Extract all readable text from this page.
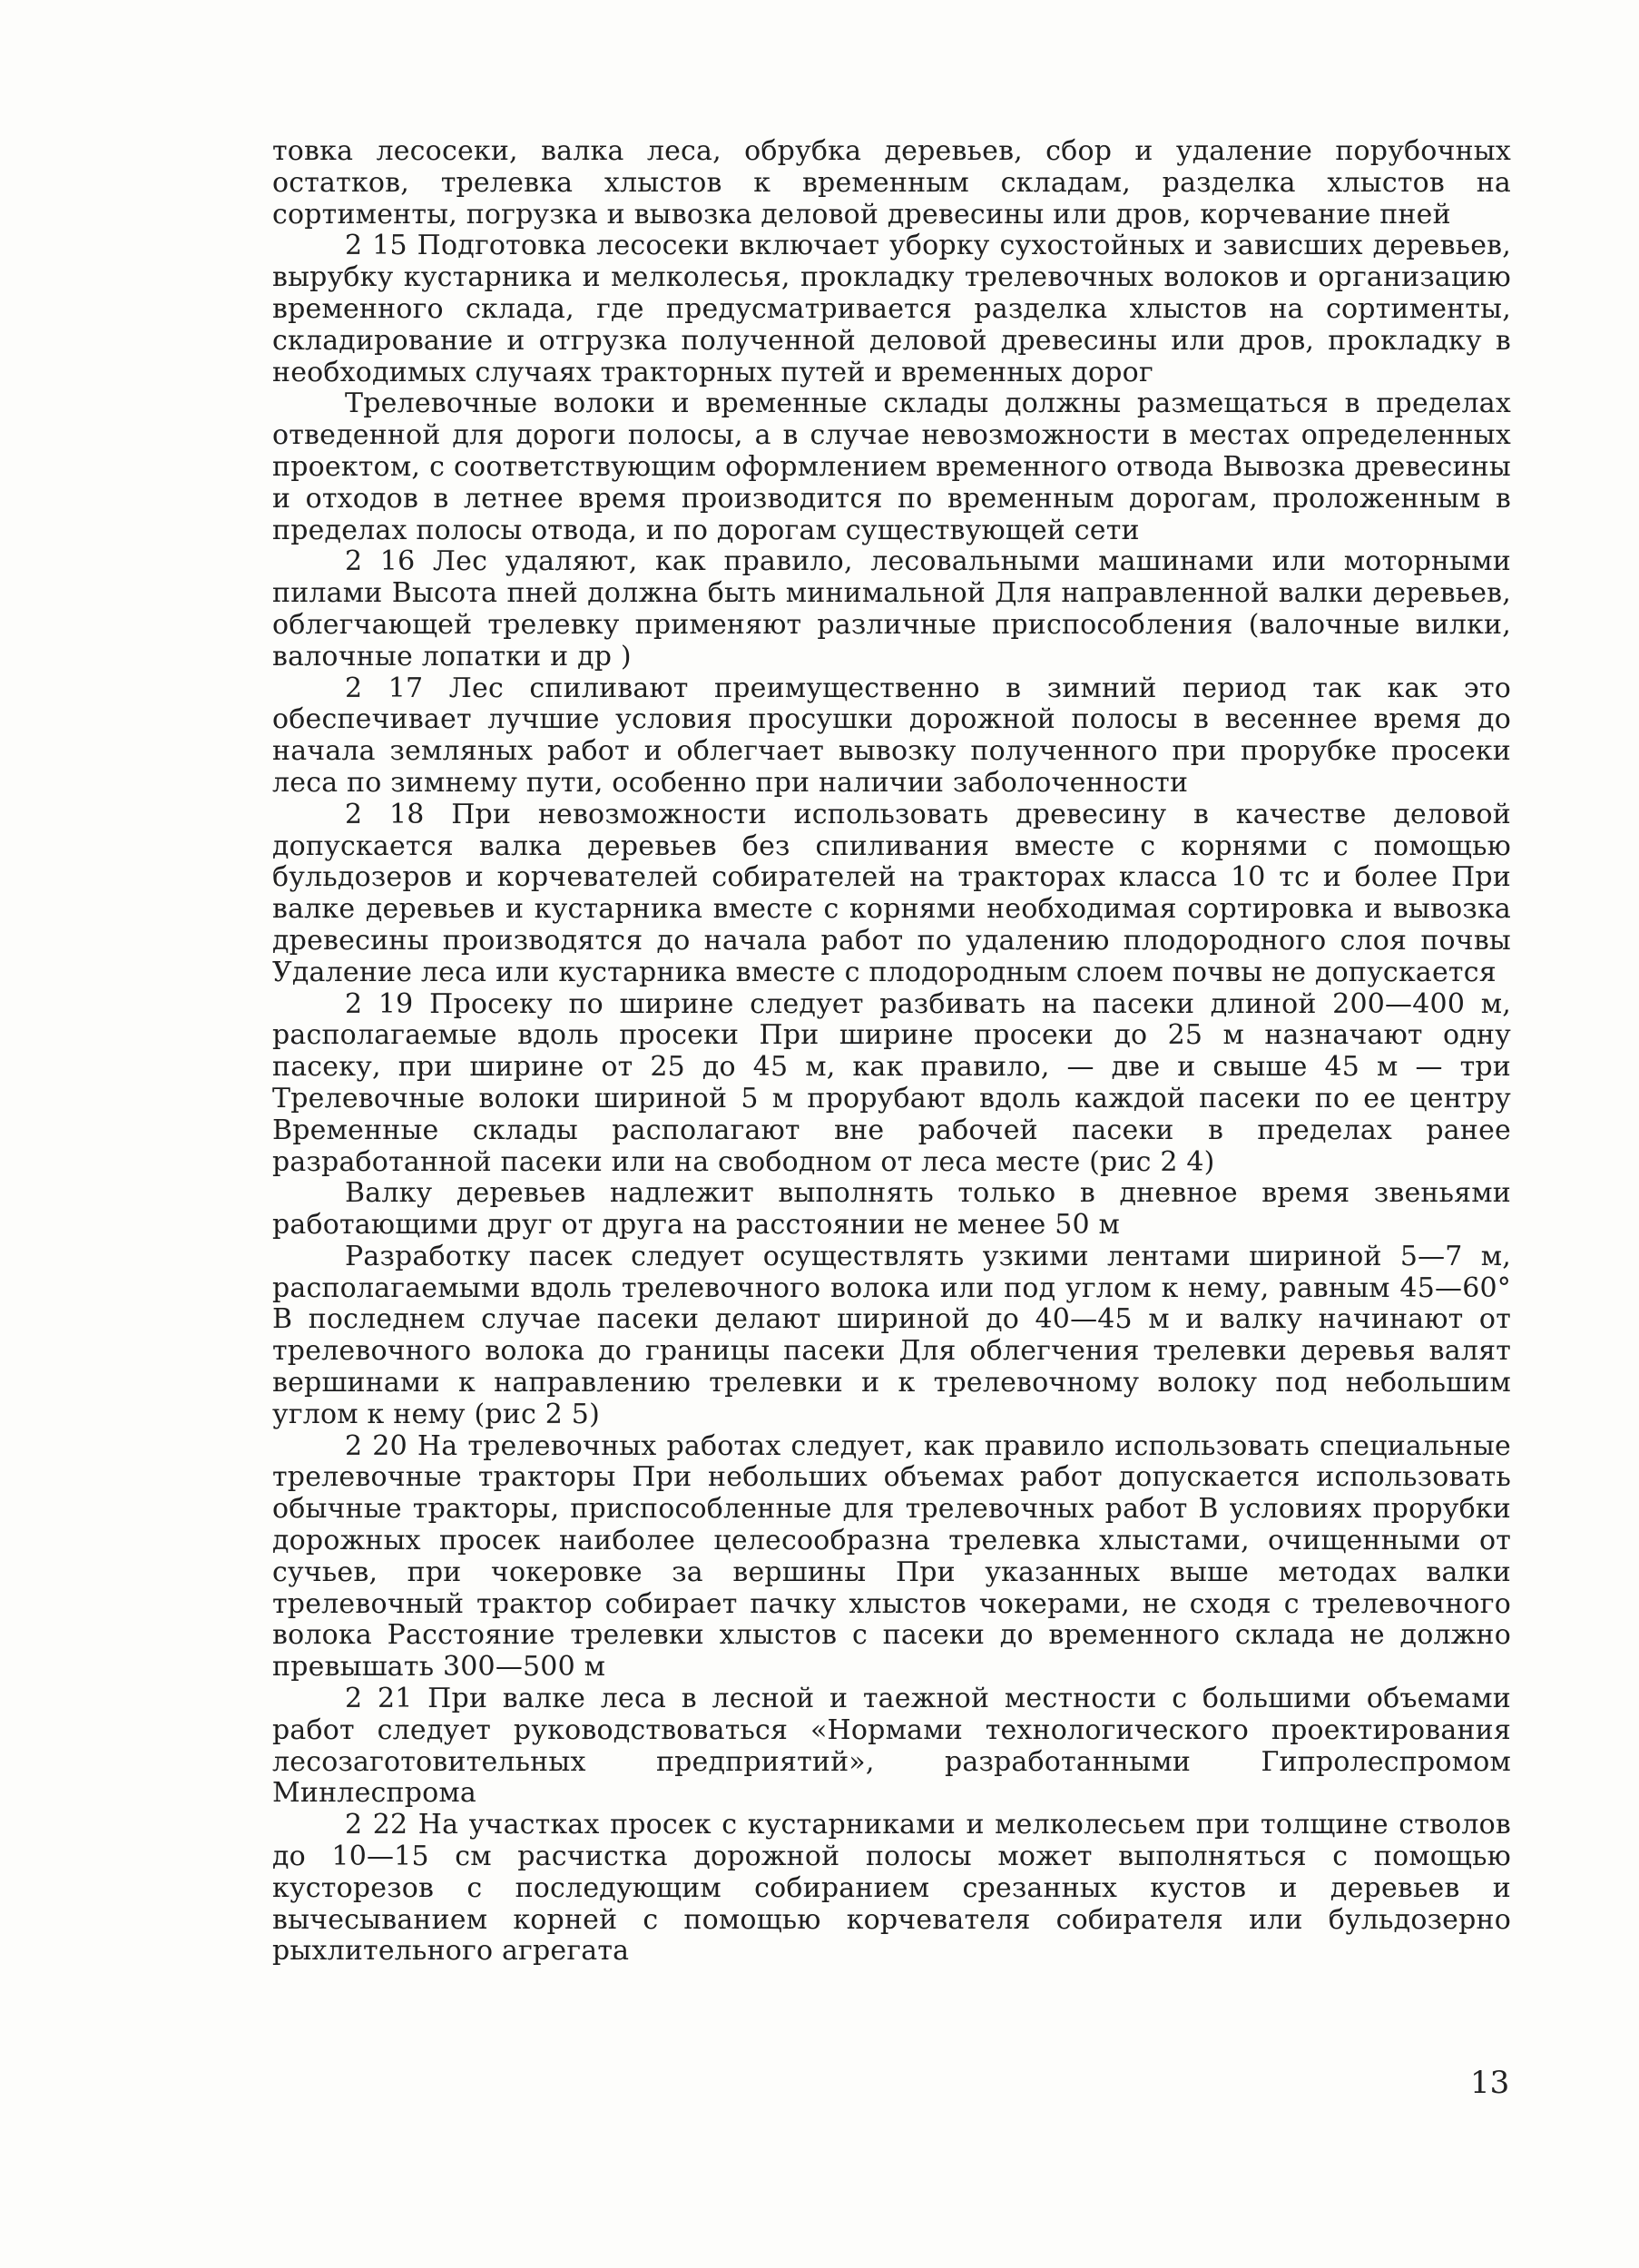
товка лесосеки, валка леса, обрубка деревьев, сбор и удаление порубочных остатков, трелевка хлыстов к временным складам, разделка хлыстов на сортименты, погрузка и вывозка деловой древесины или дров, корчевание пней

2 15 Подготовка лесосеки включает уборку сухостойных и зависших деревьев, вырубку кустарника и мелколесья, прокладку трелевочных волоков и организацию временного склада, где предусматривается разделка хлыстов на сортименты, складирование и отгрузка полученной деловой древесины или дров, прокладку в необходимых случаях тракторных путей и временных дорог

Трелевочные волоки и временные склады должны размещаться в пределах отведенной для дороги полосы, а в случае невозможности в местах определенных проектом, с соответствующим оформлением временного отвода Вывозка древесины и отходов в летнее время производится по временным дорогам, проложенным в пределах полосы отвода, и по дорогам существующей сети

2 16 Лес удаляют, как правило, лесовальными машинами или моторными пилами Высота пней должна быть минимальной Для направленной валки деревьев, облегчающей трелевку применяют различные приспособления (валочные вилки, валочные лопатки и др )

2 17 Лес спиливают преимущественно в зимний период так как это обеспечивает лучшие условия просушки дорожной полосы в весеннее время до начала земляных работ и облегчает вывозку полученного при прорубке просеки леса по зимнему пути, особенно при наличии заболоченности

2 18 При невозможности использовать древесину в качестве деловой допускается валка деревьев без спиливания вместе с корнями с помощью бульдозеров и корчевателей собирателей на тракторах класса 10 тс и более При валке деревьев и кустарника вместе с корнями необходимая сортировка и вывозка древесины производятся до начала работ по удалению плодородного слоя почвы Удаление леса или кустарника вместе с плодородным слоем почвы не допускается

2 19 Просеку по ширине следует разбивать на пасеки длиной 200—400 м, располагаемые вдоль просеки При ширине просеки до 25 м назначают одну пасеку, при ширине от 25 до 45 м, как правило, — две и свыше 45 м — три Трелевочные волоки шириной 5 м прорубают вдоль каждой пасеки по ее центру Временные склады располагают вне рабочей пасеки в пределах ранее разработанной пасеки или на свободном от леса месте (рис 2 4)

Валку деревьев надлежит выполнять только в дневное время звеньями работающими друг от друга на расстоянии не менее 50 м

Разработку пасек следует осуществлять узкими лентами шириной 5—7 м, располагаемыми вдоль трелевочного волока или под углом к нему, равным 45—60° В последнем случае пасеки делают шириной до 40—45 м и валку начинают от трелевочного волока до границы пасеки Для облегчения трелевки деревья валят вершинами к направлению трелевки и к трелевочному волоку под небольшим углом к нему (рис 2 5)

2 20 На трелевочных работах следует, как правило использовать специальные трелевочные тракторы При небольших объемах работ допускается использовать обычные тракторы, приспособленные для трелевочных работ В условиях прорубки дорожных просек наиболее целесообразна трелевка хлыстами, очищенными от сучьев, при чокеровке за вершины При указанных выше методах валки трелевочный трактор собирает пачку хлыстов чокерами, не сходя с трелевочного волока Расстояние трелевки хлыстов с пасеки до временного склада не должно превышать 300—500 м

2 21 При валке леса в лесной и таежной местности с большими объемами работ следует руководствоваться «Нормами технологического проектирования лесозаготовительных предприятий», разработанными Гипролеспромом Минлеспрома

2 22 На участках просек с кустарниками и мелколесьем при толщине стволов до 10—15 см расчистка дорожной полосы может выполняться с помощью кусторезов с последующим собиранием срезанных кустов и деревьев и вычесыванием корней с помощью корчевателя собирателя или бульдозерно рыхлительного агрегата

13
